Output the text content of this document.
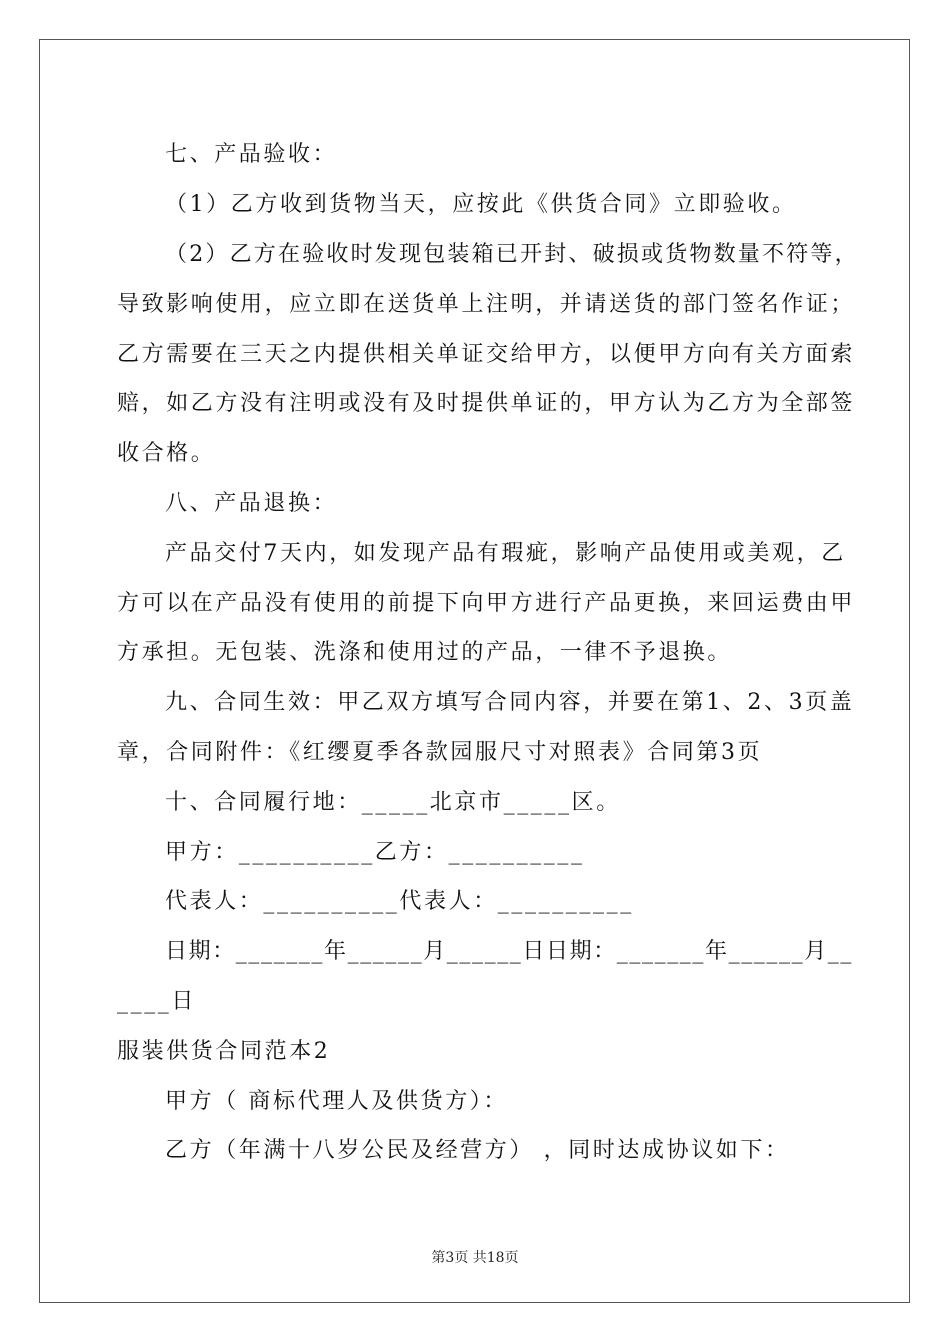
七、产品验收：
（1）乙方收到货物当天，应按此《供货合同》立即验收。
（2）乙方在验收时发现包装箱已开封、破损或货物数量不符等，
导致影响使用，应立即在送货单上注明，并请送货的部门签名作证；
乙方需要在三天之内提供相关单证交给甲方，以便甲方向有关方面索
赔，如乙方没有注明或没有及时提供单证的，甲方认为乙方为全部签
收合格。
八、产品退换：
产品交付7天内，如发现产品有瑕疵，影响产品使用或美观，乙
方可以在产品没有使用的前提下向甲方进行产品更换，来回运费由甲
方承担。无包装、洗涤和使用过的产品，一律不予退换。
九、合同生效：甲乙双方填写合同内容，并要在第1、2、3页盖
章，合同附件：《红缨夏季各款园服尺寸对照表》合同第3页
十、合同履行地：_____北京市_____区。
甲方：__________乙方：__________
代表人：__________代表人：__________
日期：_______年______月______日日期：_______年______月__
____日
服装供货合同范本2
甲方（ 商标代理人及供货方）：
乙方（年满十八岁公民及经营方） ，同时达成协议如下：
第3页 共18页
